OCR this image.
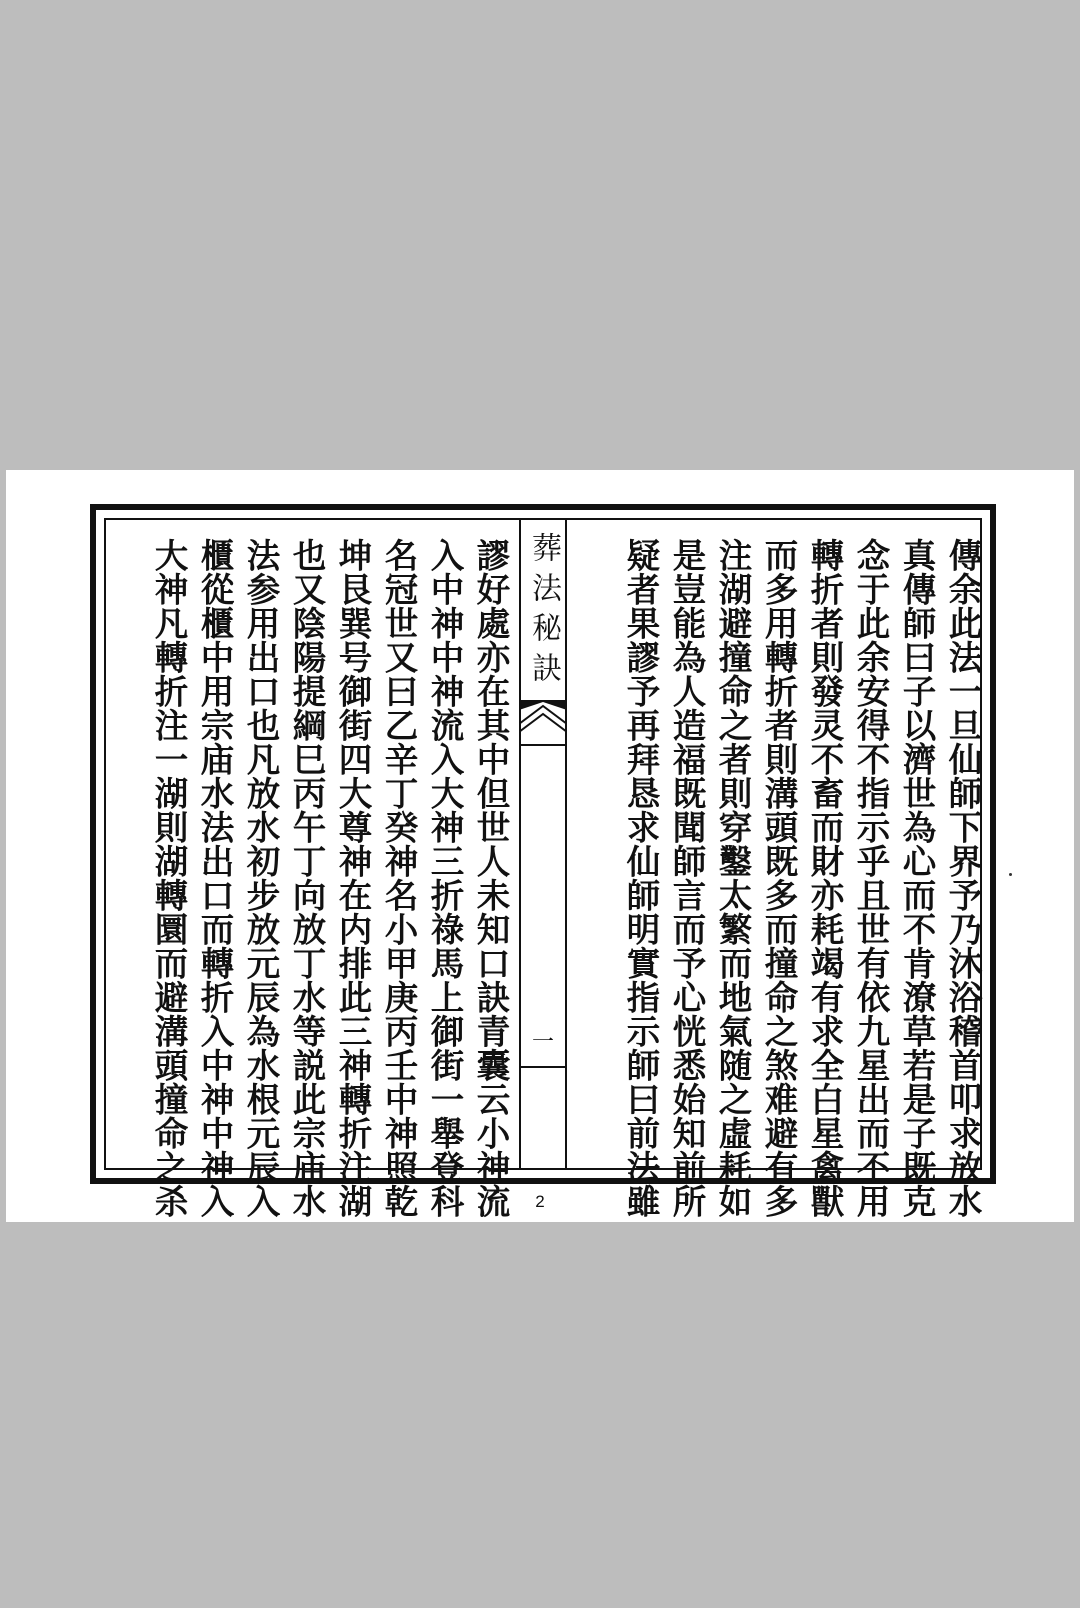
傳余此法一旦仙師下界予乃沐浴稽首叩求放水
真傳師曰子以濟世為心而不肯潦草若是子既克
念于此余安得不指示乎且世有依九星出而不用
轉折者則發灵不畜而財亦耗竭有求全白星禽獸
而多用轉折者則溝頭既多而撞命之煞难避有多
注湖避撞命之者則穿鑿太繁而地氣随之虛耗如
是豈能為人造福既聞師言而予心恍悉始知前所
疑者果謬予再拜恳求仙師明實指示師曰前法雖
葬法秘訣
一
謬好處亦在其中但世人未知口訣青囊云小神流
入中神中神流入大神三折祿馬上御街一舉登科
名冠世又曰乙辛丁癸神名小甲庚丙壬中神照乾
坤艮巽号御街四大尊神在内排此三神轉折注湖
也又陰陽提綱巳丙午丁向放丁水等説此宗庙水
法参用出口也凡放水初步放元辰為水根元辰入
櫃從櫃中用宗庙水法出口而轉折入中神中神入
大神凡轉折注一湖則湖轉圜而避溝頭撞命之杀	2
